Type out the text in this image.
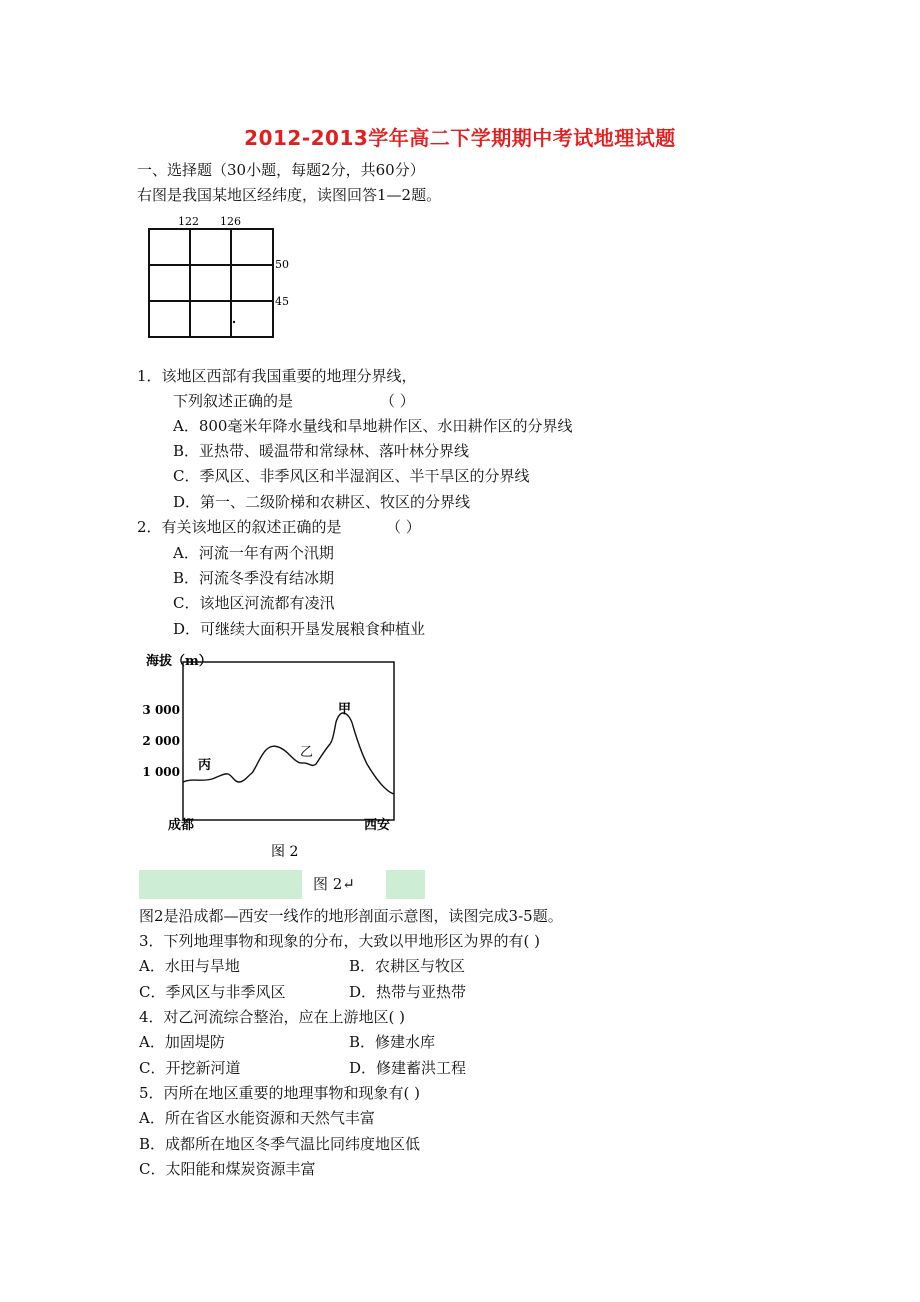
2012-2013学年高二下学期期中考试地理试题
一、选择题（30小题，每题2分，共60分）
右图是我国某地区经纬度，读图回答1—2题。
122 126
50
45
1．该地区西部有我国重要的地理分界线，
下列叙述正确的是	（ ）
A．800毫米年降水量线和旱地耕作区、水田耕作区的分界线
B．亚热带、暖温带和常绿林、落叶林分界线
C．季风区、非季风区和半湿润区、半干旱区的分界线
D．第一、二级阶梯和农耕区、牧区的分界线
2．有关该地区的叙述正确的是	（ ）
A．河流一年有两个汛期
B．河流冬季没有结冰期
C．该地区河流都有凌汛
D．可继续大面积开垦发展粮食种植业
海拔（m）
3 000
2 000
1 000
甲
乙
丙
成都	西安
图 2
图 2↵
图2是沿成都—西安一线作的地形剖面示意图，读图完成3-5题。
3．下列地理事物和现象的分布，大致以甲地形区为界的有( )
A．水田与旱地	B．农耕区与牧区
C．季风区与非季风区	D．热带与亚热带
4．对乙河流综合整治，应在上游地区( )
A．加固堤防	B．修建水库
C．开挖新河道	D．修建蓄洪工程
5．丙所在地区重要的地理事物和现象有( )
A．所在省区水能资源和天然气丰富
B．成都所在地区冬季气温比同纬度地区低
C．太阳能和煤炭资源丰富
